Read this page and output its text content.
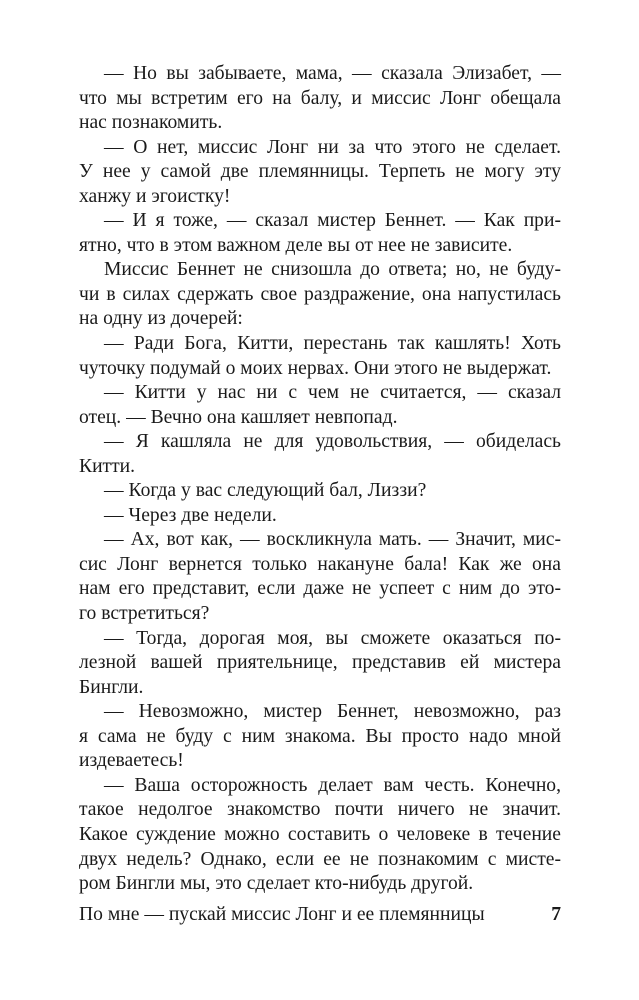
— Но вы забываете, мама, — сказала Элизабет, —
что мы встретим его на балу, и миссис Лонг обещала
нас познакомить.
— О нет, миссис Лонг ни за что этого не сделает.
У нее у самой две племянницы. Терпеть не могу эту
ханжу и эгоистку!
— И я тоже, — сказал мистер Беннет. — Как при-
ятно, что в этом важном деле вы от нее не зависите.
Миссис Беннет не снизошла до ответа; но, не буду-
чи в силах сдержать свое раздражение, она напустилась
на одну из дочерей:
— Ради Бога, Китти, перестань так кашлять! Хоть
чуточку подумай о моих нервах. Они этого не выдержат.
— Китти у нас ни с чем не считается, — сказал
отец. — Вечно она кашляет невпопад.
— Я кашляла не для удовольствия, — обиделась
Китти.
— Когда у вас следующий бал, Лиззи?
— Через две недели.
— Ах, вот как, — воскликнула мать. — Значит, мис-
сис Лонг вернется только накануне бала! Как же она
нам его представит, если даже не успеет с ним до это-
го встретиться?
— Тогда, дорогая моя, вы сможете оказаться по-
лезной вашей приятельнице, представив ей мистера
Бингли.
— Невозможно, мистер Беннет, невозможно, раз
я сама не буду с ним знакома. Вы просто надо мной
издеваетесь!
— Ваша осторожность делает вам честь. Конечно,
такое недолгое знакомство почти ничего не значит.
Какое суждение можно составить о человеке в течение
двух недель? Однако, если ее не познакомим с мисте-
ром Бингли мы, это сделает кто-нибудь другой.
По мне — пускай миссис Лонг и ее племянницы	7
